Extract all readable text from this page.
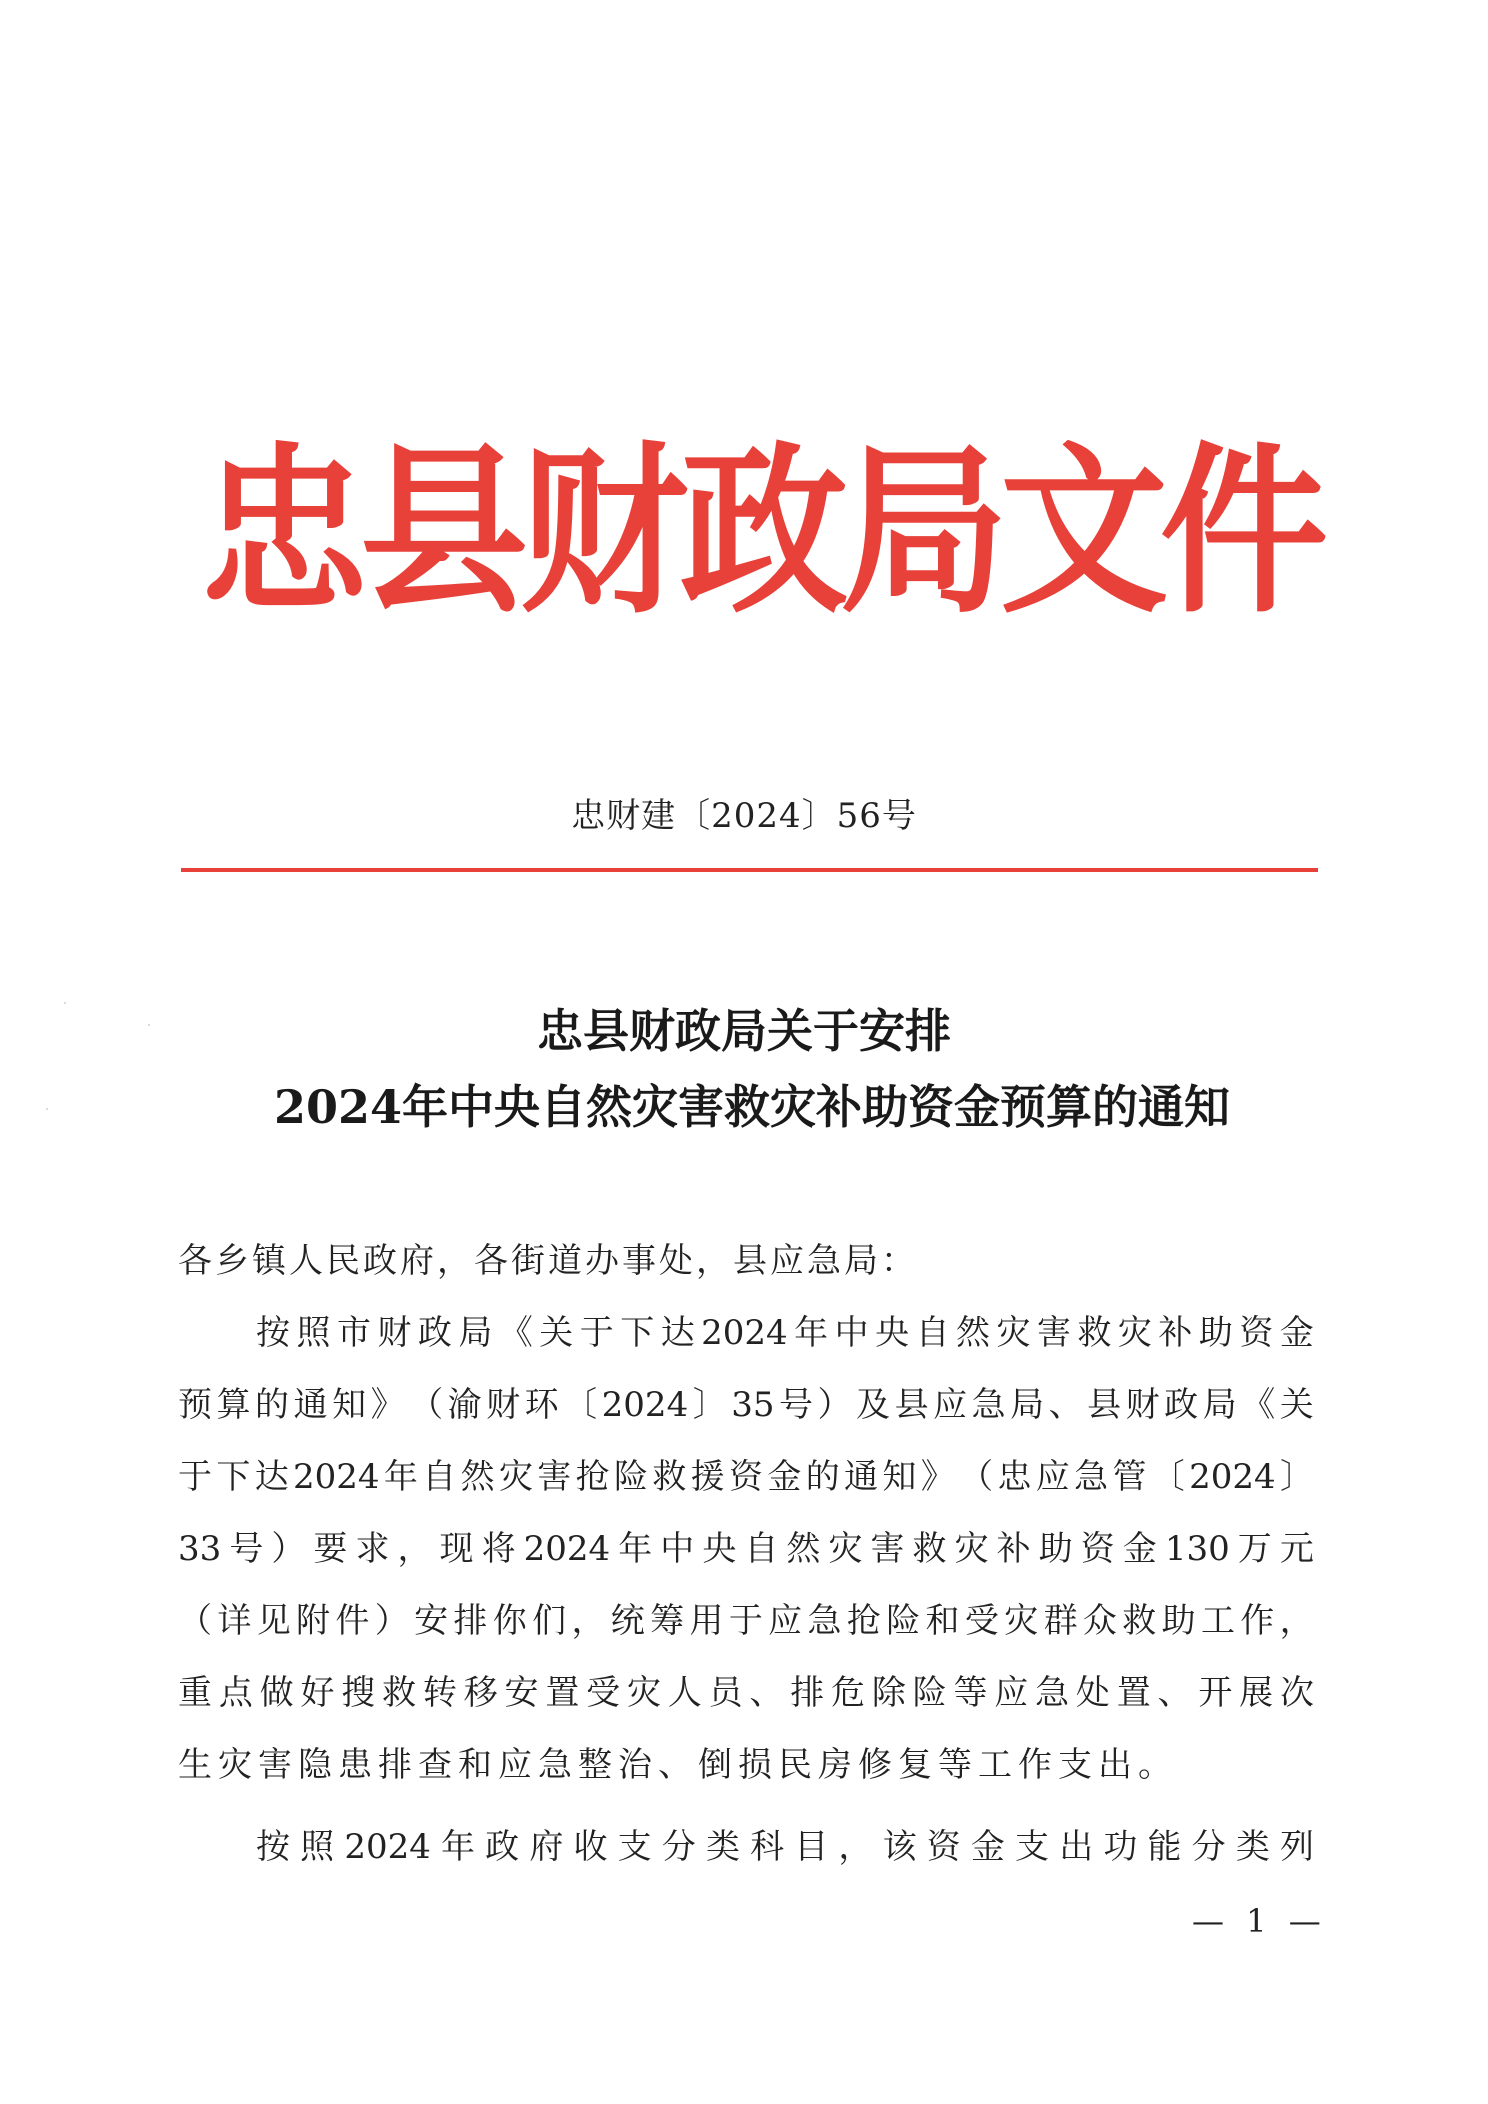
忠
县
财
政
局
文
件
忠财建〔2024〕56号
忠县财政局关于安排
2024年中央自然灾害救灾补助资金预算的通知
各乡镇人民政府，各街道办事处，县应急局：
按 照 市 财 政 局 《 关 于 下 达 2024 年 中 央 自 然 灾 害 救 灾 补 助 资 金
预 算 的 通 知 》 （ 渝 财 环 〔 2024 〕 35 号 ） 及 县 应 急 局 、 县 财 政 局 《 关
于 下 达 2024 年 自 然 灾 害 抢 险 救 援 资 金 的 通 知 》 （ 忠 应 急 管 〔 2024 〕
33 号 ） 要 求 ， 现 将 2024 年 中 央 自 然 灾 害 救 灾 补 助 资 金 130 万 元
（ 详 见 附 件 ） 安 排 你 们 ， 统 筹 用 于 应 急 抢 险 和 受 灾 群 众 救 助 工 作 ，
重 点 做 好 搜 救 转 移 安 置 受 灾 人 员 、 排 危 除 险 等 应 急 处 置 、 开 展 次
生灾害隐患排查和应急整治、倒损民房修复等工作支出。
按 照 2024 年 政 府 收 支 分 类 科 目 ， 该 资 金 支 出 功 能 分 类 列
— 1 —
